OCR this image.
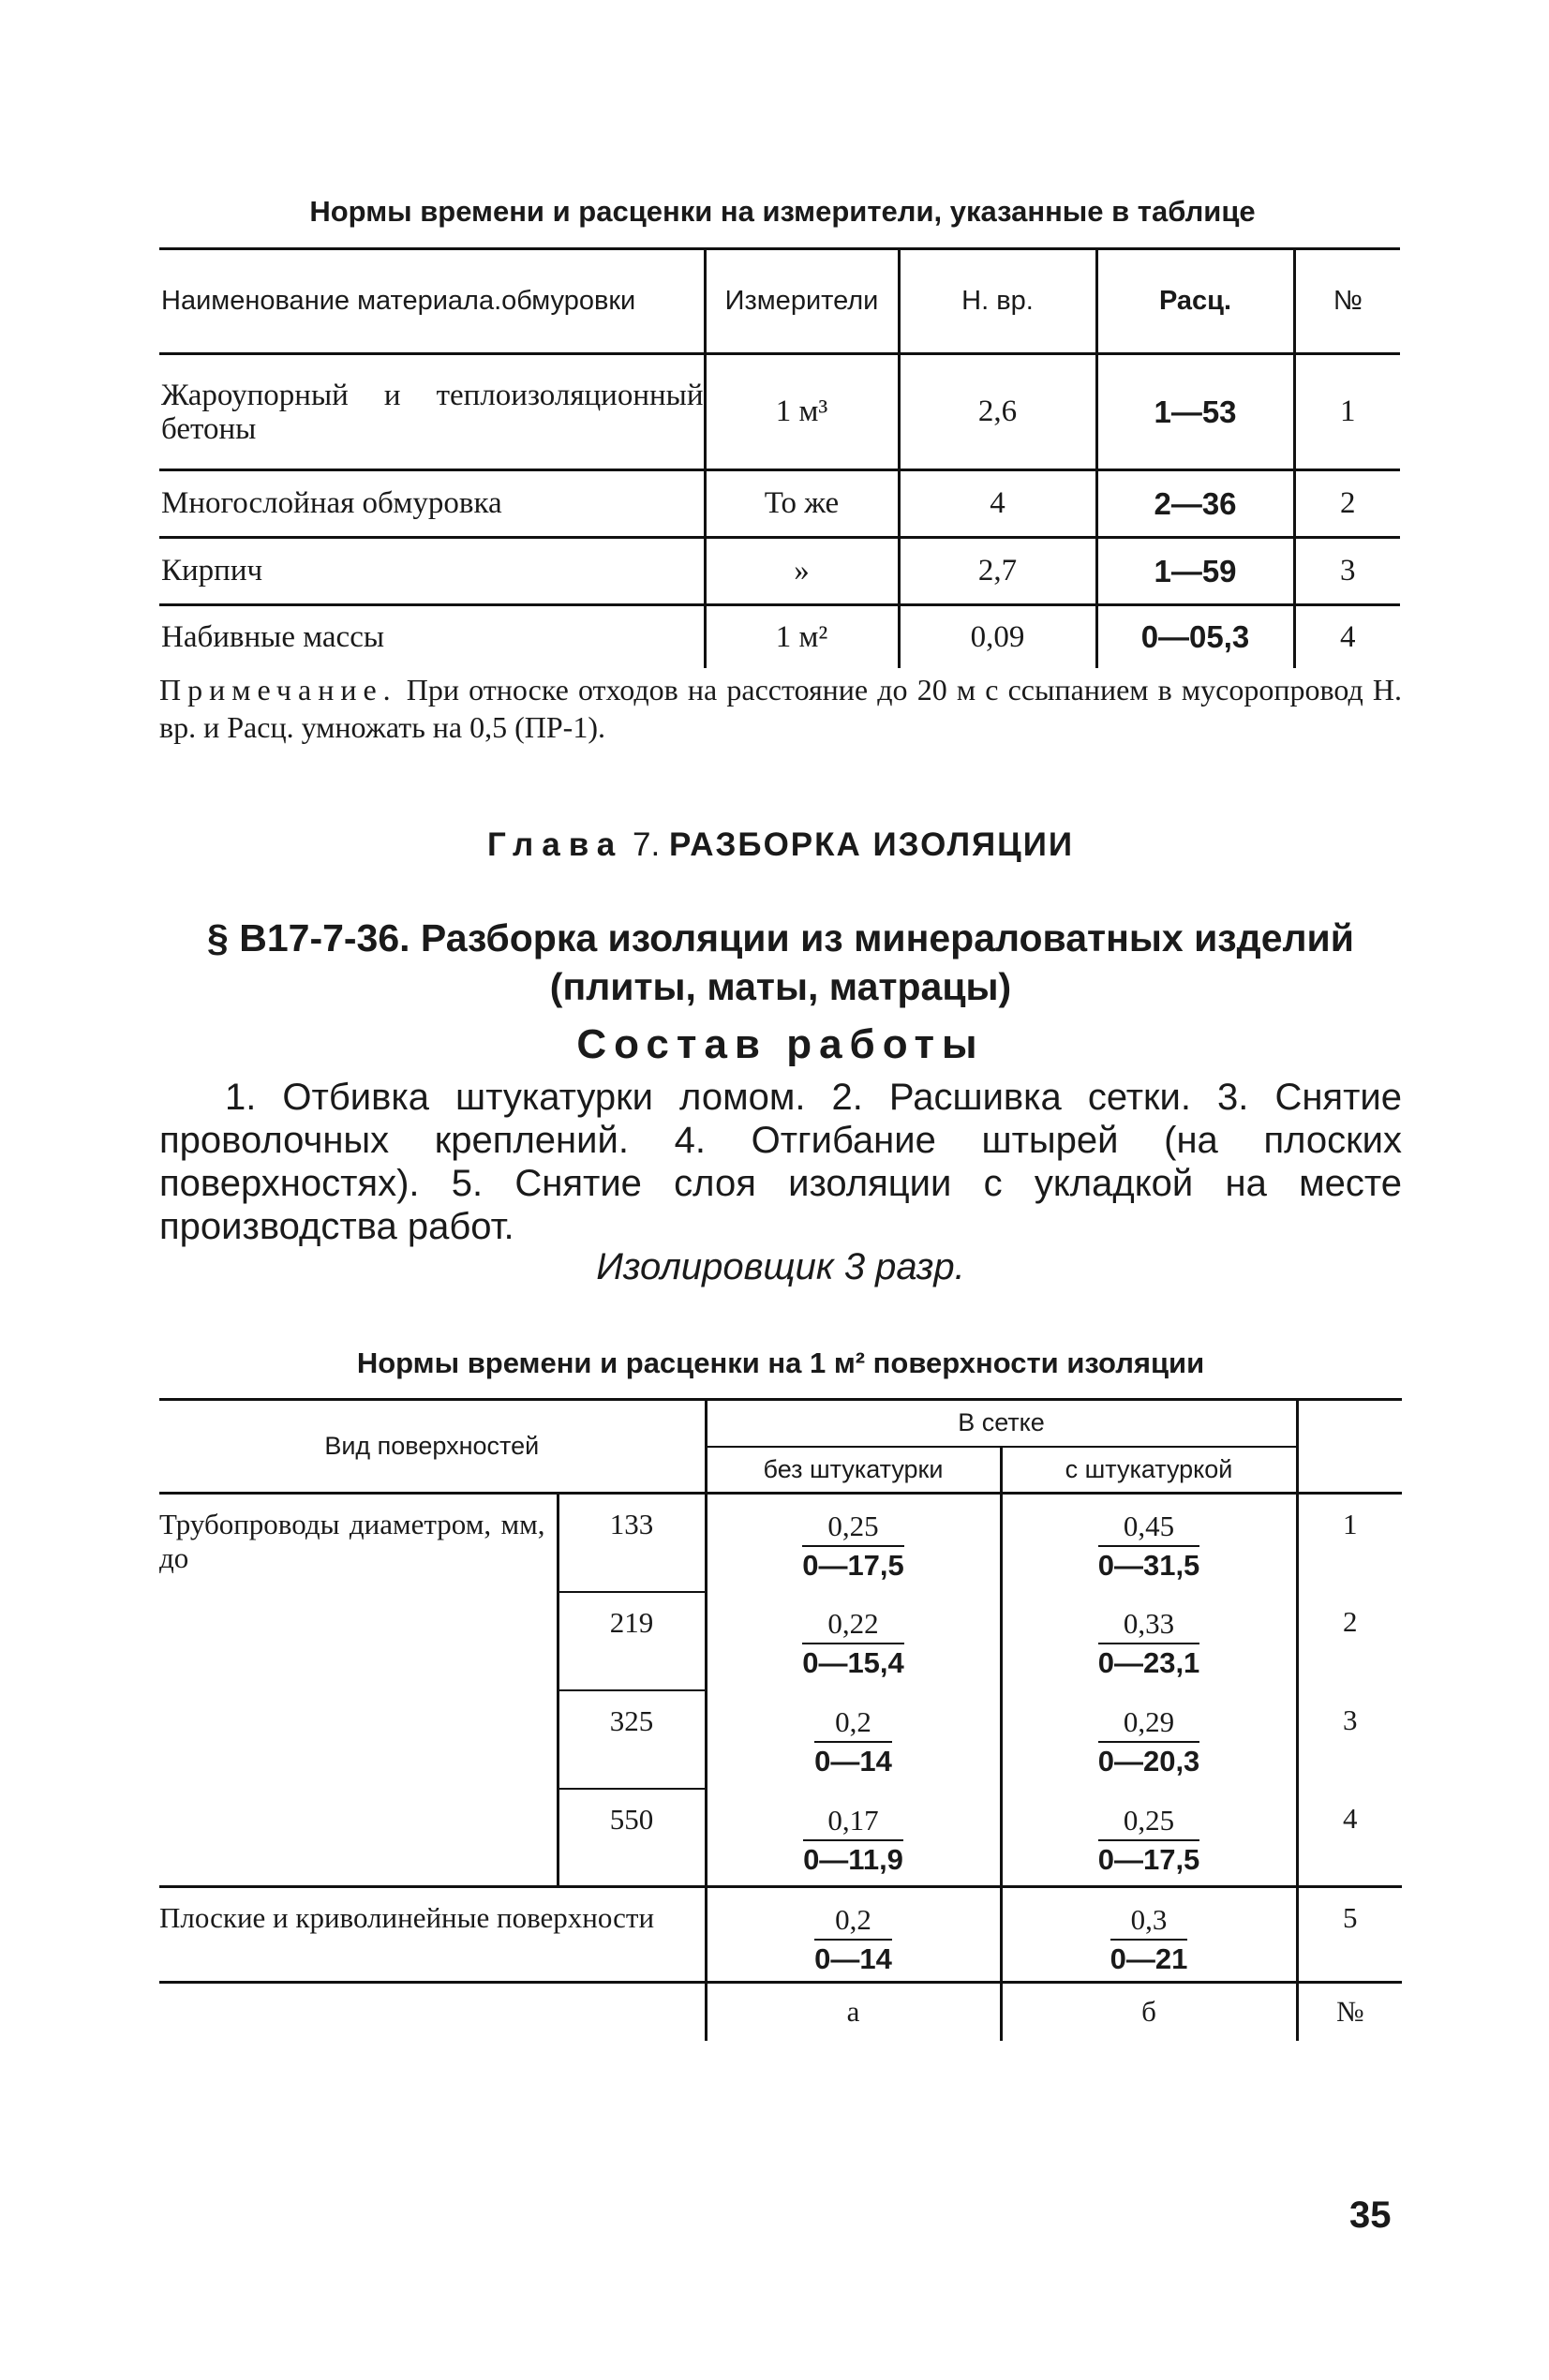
Нормы времени и расценки на измерители, указанные в таблице
Наименование материала.обмуровки	Измерители	Н. вр.	Расц.	№
Жароупорный и теплоизоляционный бетоны	1 м³	2,6	1—53	1
Многослойная обмуровка	То же	4	2—36	2
Кирпич	»	2,7	1—59	3
Набивные массы	1 м²	0,09	0—05,3	4
Примечание. При относке отходов на расстояние до 20 м с ссыпанием в мусоропровод Н. вр. и Расц. умножать на 0,5 (ПР-1).
Глава 7. РАЗБОРКА ИЗОЛЯЦИИ
§ В17-7-36. Разборка изоляции из минераловатных изделий
(плиты, маты, матрацы)
Состав работы
1. Отбивка штукатурки ломом. 2. Расшивка сетки. 3. Снятие проволочных креплений. 4. Отгибание штырей (на плоских поверхностях). 5. Снятие слоя изоляции с укладкой на месте производства работ.
Изолировщик 3 разр.
Нормы времени и расценки на 1 м² поверхности изоляции
Вид поверхностей		В сетке		
		без штукатурки	с штукатуркой	
Трубопроводы диаметром, мм, до	133	$\frac{0,25}{0—17,5}$	$\frac{0,45}{0—31,5}$	1
	219	$\frac{0,22}{0—15,4}$	$\frac{0,33}{0—23,1}$	2
	325	$\frac{0,2}{0—14}$	$\frac{0,29}{0—20,3}$	3
	550	$\frac{0,17}{0—11,9}$	$\frac{0,25}{0—17,5}$	4
Плоские и криволинейные поверхности		$\frac{0,2}{0—14}$	$\frac{0,3}{0—21}$	5
		а	б	№
35
